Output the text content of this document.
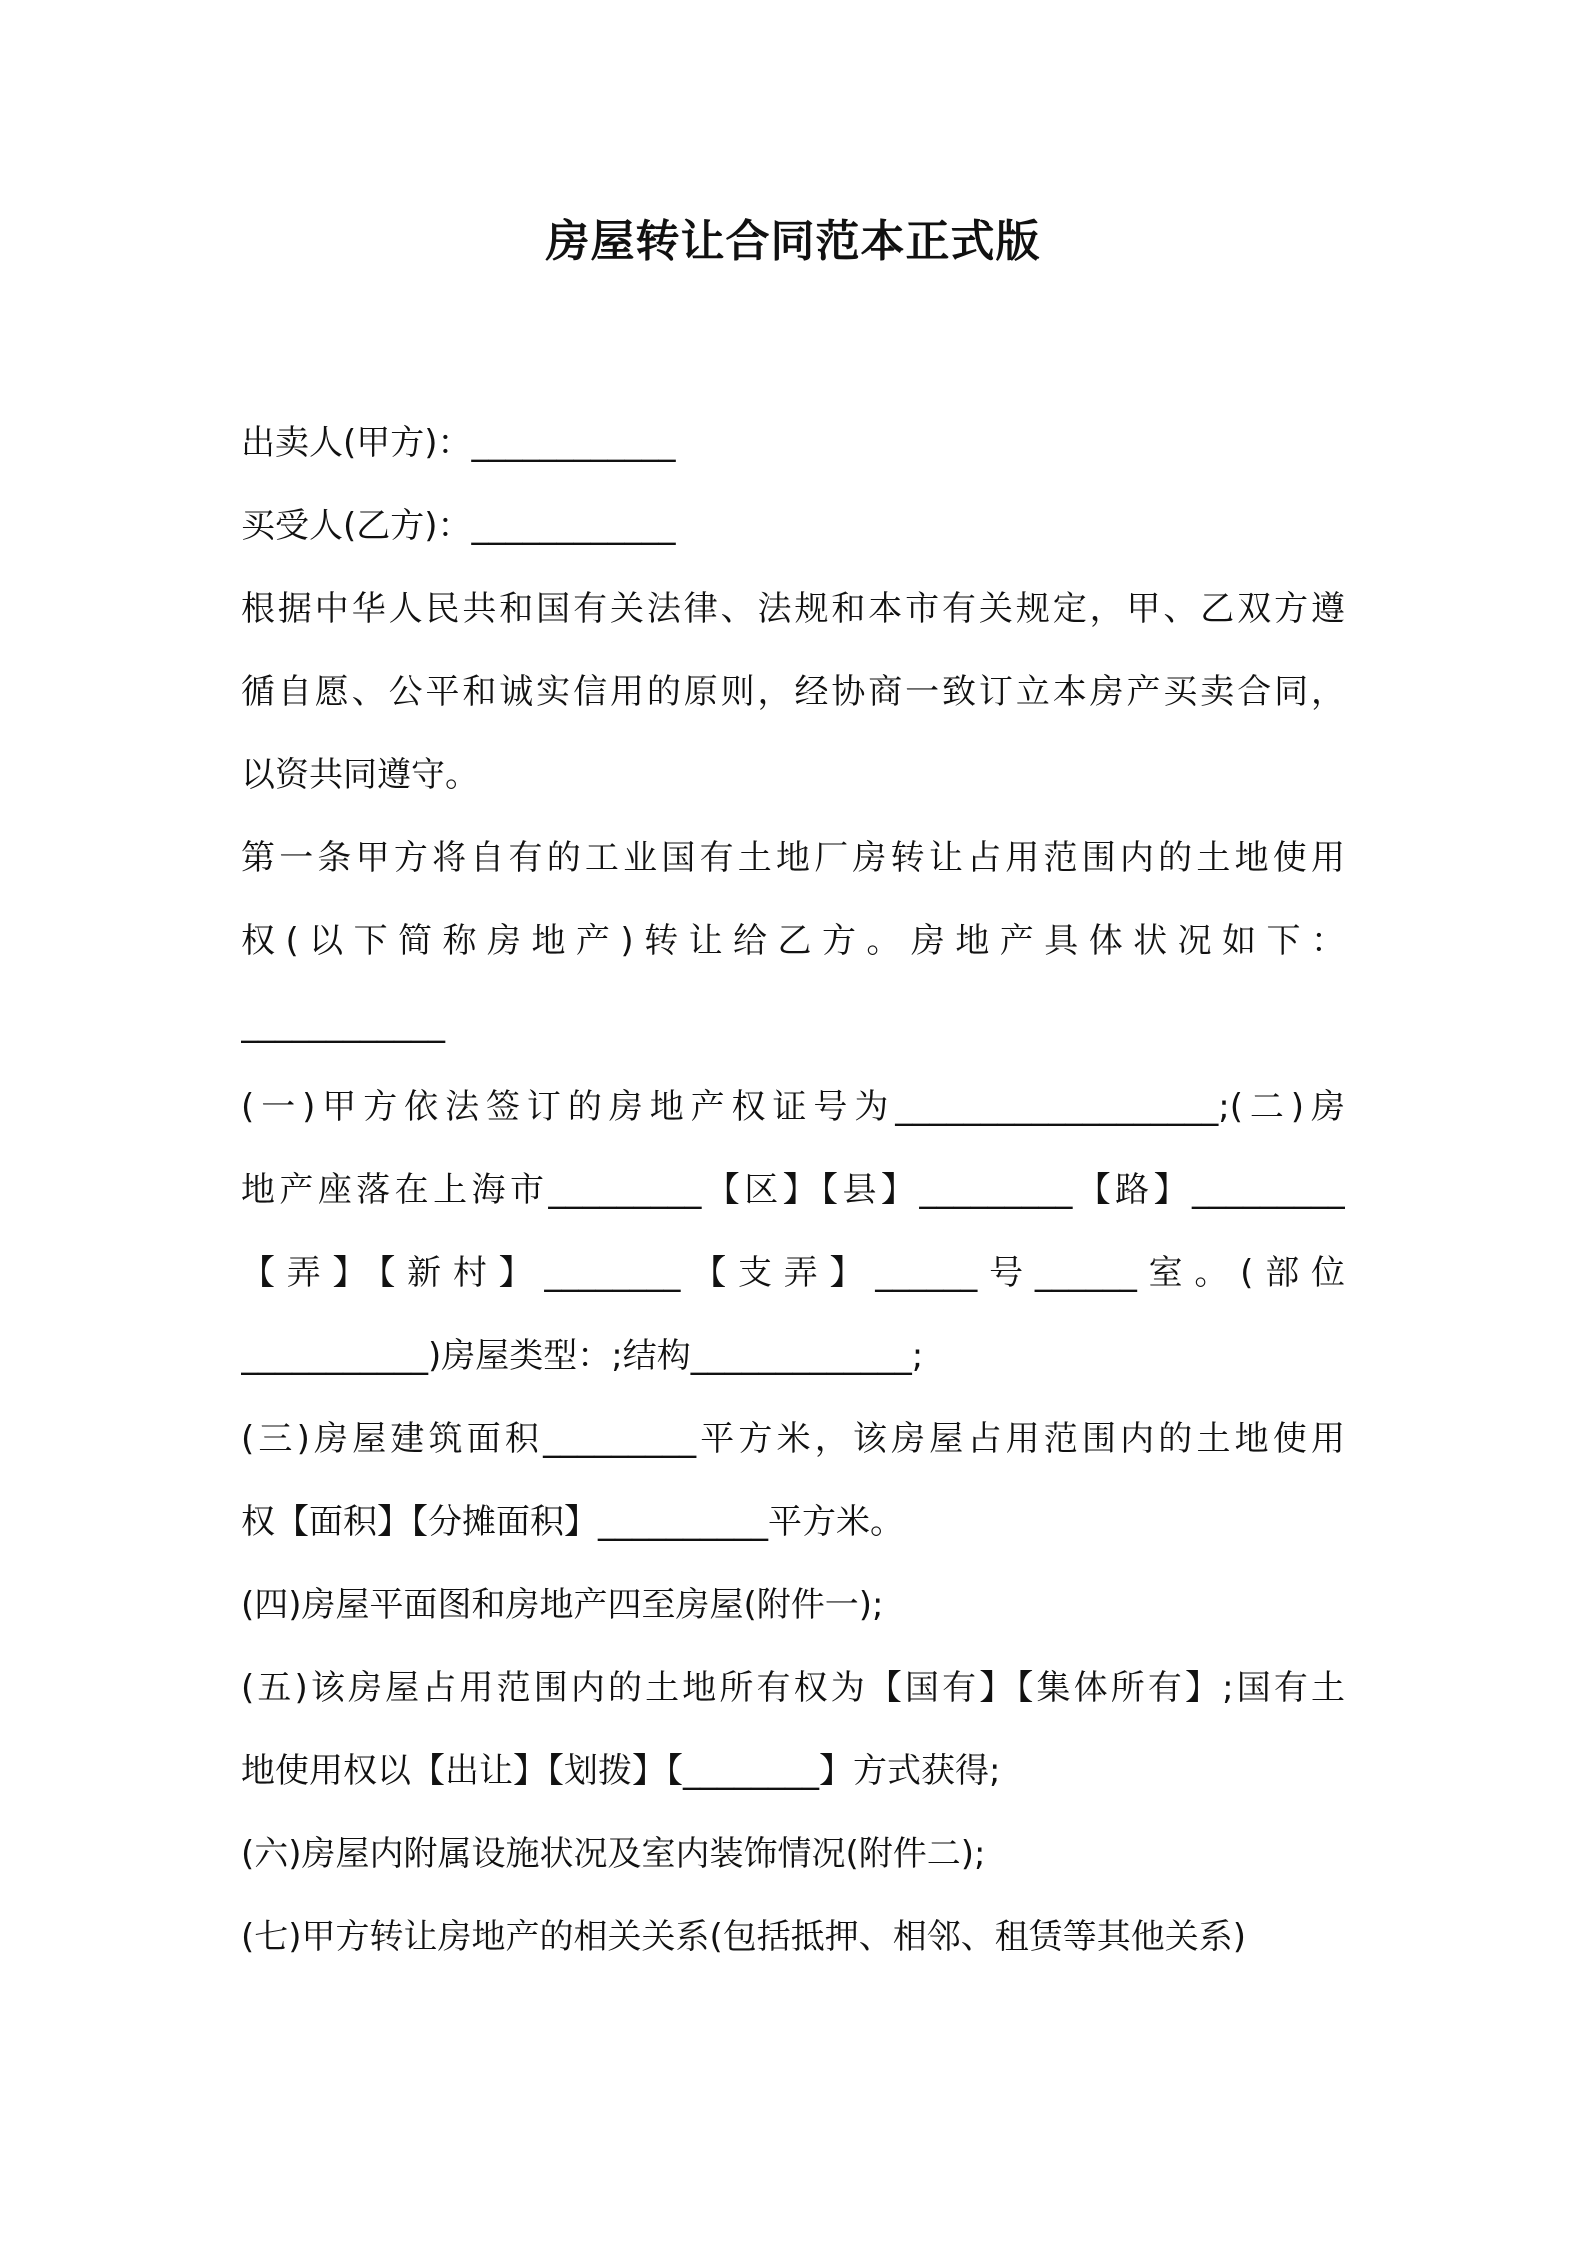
房屋转让合同范本正式版
出卖人(甲方)：____________
买受人(乙方)：____________
根据中华人民共和国有关法律、法规和本市有关规定，甲、乙双方遵
循自愿、公平和诚实信用的原则，经协商一致订立本房产买卖合同，
以资共同遵守。
第一条甲方将自有的工业国有土地厂房转让占用范围内的土地使用
权(以下简称房地产)转让给乙方。房地产具体状况如下：
____________
(一)甲方依法签订的房地产权证号为___________________;(二)房
地产座落在上海市_________【区】【县】_________【路】_________
【弄】【新村】________【支弄】______号______室。(部位
___________)房屋类型：;结构_____________;
(三)房屋建筑面积_________平方米，该房屋占用范围内的土地使用
权【面积】【分摊面积】__________平方米。
(四)房屋平面图和房地产四至房屋(附件一);
(五)该房屋占用范围内的土地所有权为【国有】【集体所有】;国有土
地使用权以【出让】【划拨】【________】方式获得;
(六)房屋内附属设施状况及室内装饰情况(附件二);
(七)甲方转让房地产的相关关系(包括抵押、相邻、租赁等其他关系)
